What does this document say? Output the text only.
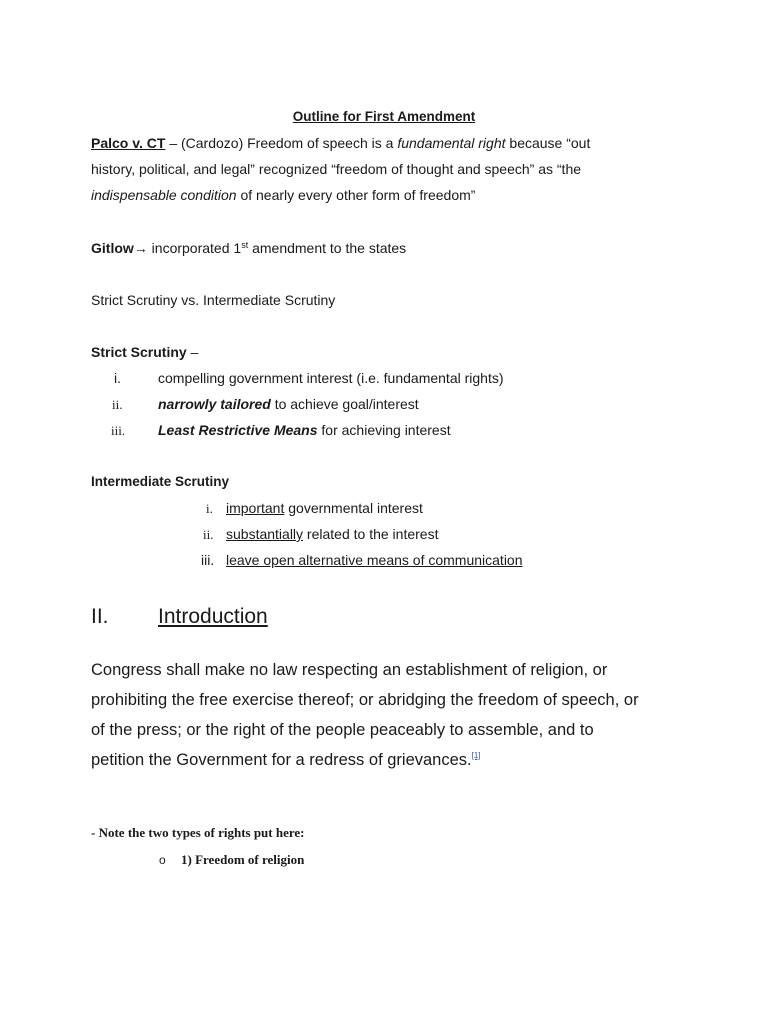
Outline for First Amendment
Palco v. CT – (Cardozo) Freedom of speech is a fundamental right because “out
history, political, and legal” recognized “freedom of thought and speech” as “the
indispensable condition of nearly every other form of freedom”
Gitlow→ incorporated 1st amendment to the states
Strict Scrutiny vs. Intermediate Scrutiny
Strict Scrutiny –
i.	compelling government interest (i.e. fundamental rights)
ii.	narrowly tailored to achieve goal/interest
iii. Least Restrictive Means for achieving interest
Intermediate Scrutiny
i. important governmental interest
ii. substantially related to the interest
iii. leave open alternative means of communication
II. Introduction
Congress shall make no law respecting an establishment of religion, or
prohibiting the free exercise thereof; or abridging the freedom of speech, or
of the press; or the right of the people peaceably to assemble, and to
petition the Government for a redress of grievances.[1]
- Note the two types of rights put here:
o 1) Freedom of religion
